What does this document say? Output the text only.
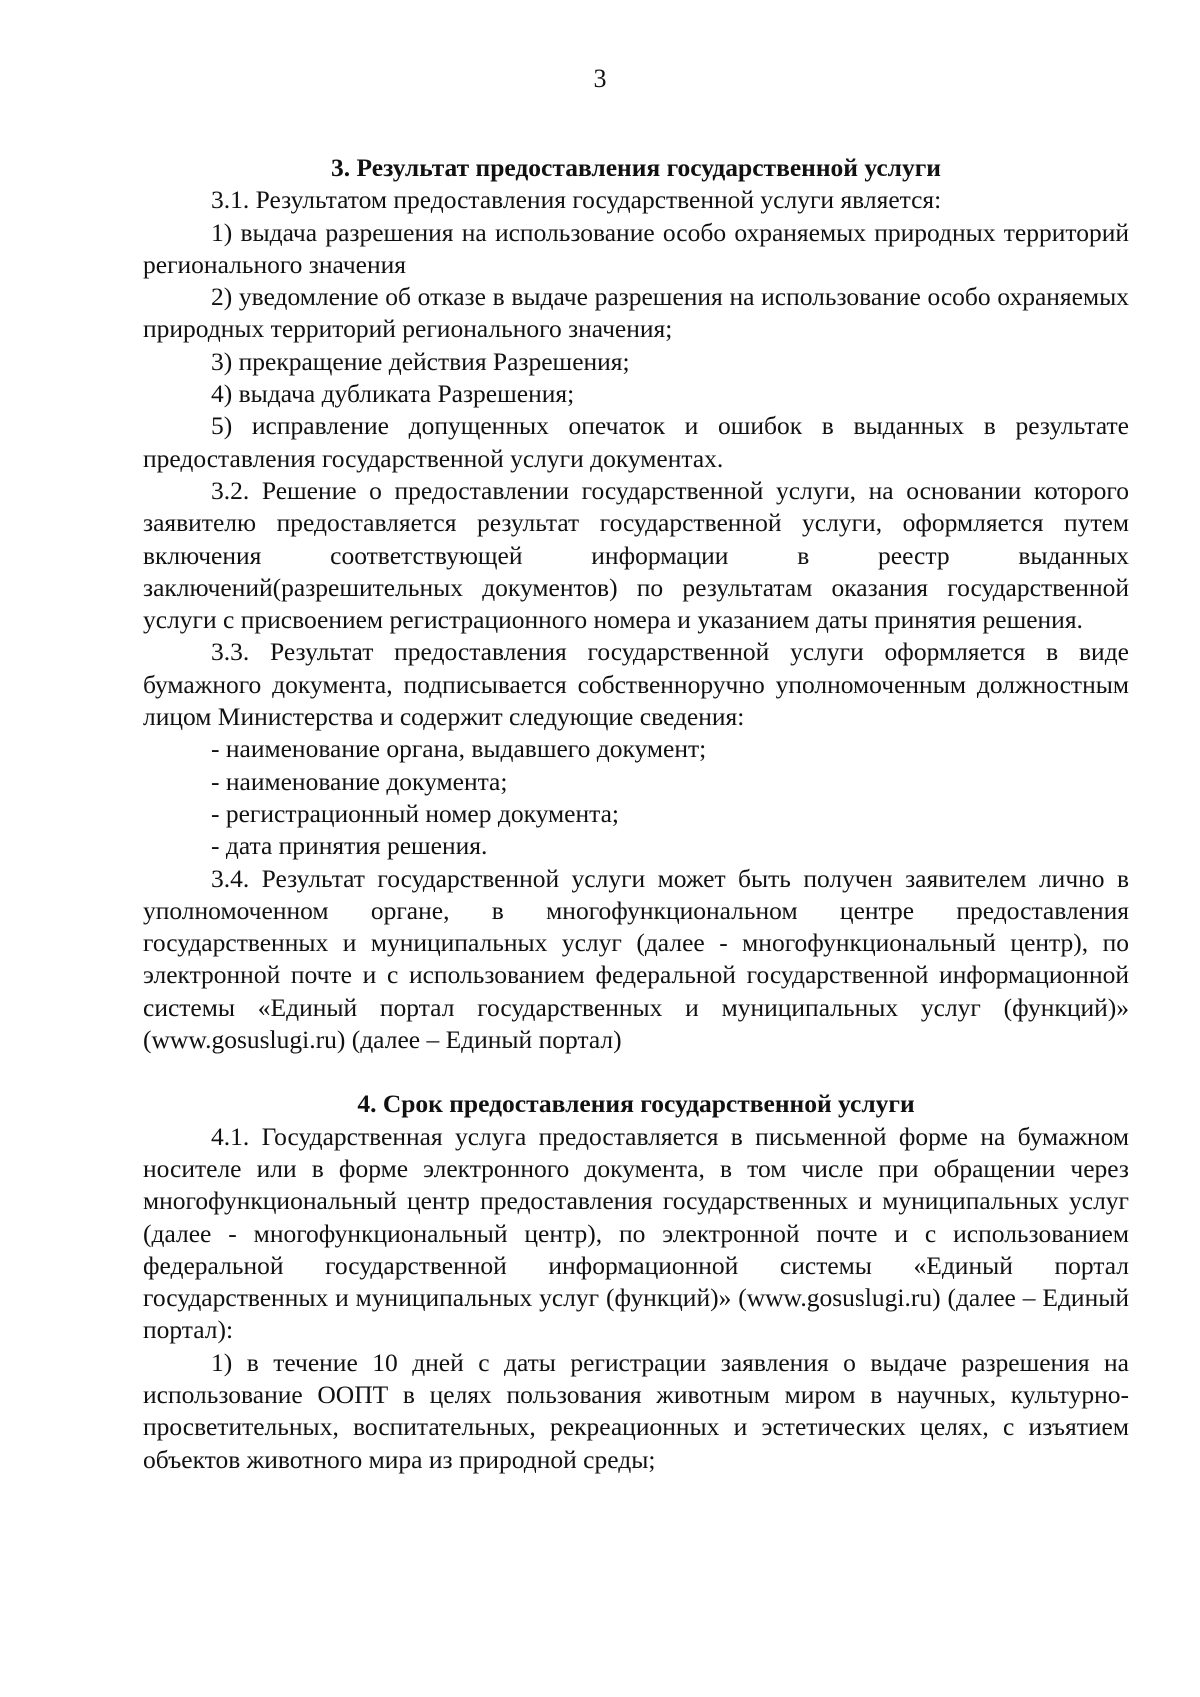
3
3. Результат предоставления государственной услуги

3.1. Результатом предоставления государственной услуги является:

1) выдача разрешения на использование особо охраняемых природных территорий регионального значения

2) уведомление об отказе в выдаче разрешения на использование особо охраняемых природных территорий регионального значения;

3) прекращение действия Разрешения;

4) выдача дубликата Разрешения;

5) исправление допущенных опечаток и ошибок в выданных в результате предоставления государственной услуги документах.

3.2. Решение о предоставлении государственной услуги, на основании которого заявителю предоставляется результат государственной услуги, оформляется путем включения соответствующей информации в реестр выданных заключений(разрешительных документов) по результатам оказания государственной услуги с присвоением регистрационного номера и указанием даты принятия решения.

3.3. Результат предоставления государственной услуги оформляется в виде бумажного документа, подписывается собственноручно уполномоченным должностным лицом Министерства и содержит следующие сведения:

- наименование органа, выдавшего документ;

- наименование документа;

- регистрационный номер документа;

- дата принятия решения.

3.4. Результат государственной услуги может быть получен заявителем лично в уполномоченном органе, в многофункциональном центре предоставления государственных и муниципальных услуг (далее - многофункциональный центр), по электронной почте и с использованием федеральной государственной информационной системы «Единый портал государственных и муниципальных услуг (функций)» (www.gosuslugi.ru) (далее – Единый портал)

4. Срок предоставления государственной услуги

4.1. Государственная услуга предоставляется в письменной форме на бумажном носителе или в форме электронного документа, в том числе при обращении через многофункциональный центр предоставления государственных и муниципальных услуг (далее - многофункциональный центр), по электронной почте и с использованием федеральной государственной информационной системы «Единый портал государственных и муниципальных услуг (функций)» (www.gosuslugi.ru) (далее – Единый портал):

1) в течение 10 дней с даты регистрации заявления о выдаче разрешения на использование ООПТ в целях пользования животным миром в научных, культурно-просветительных, воспитательных, рекреационных и эстетических целях, с изъятием объектов животного мира из природной среды;
